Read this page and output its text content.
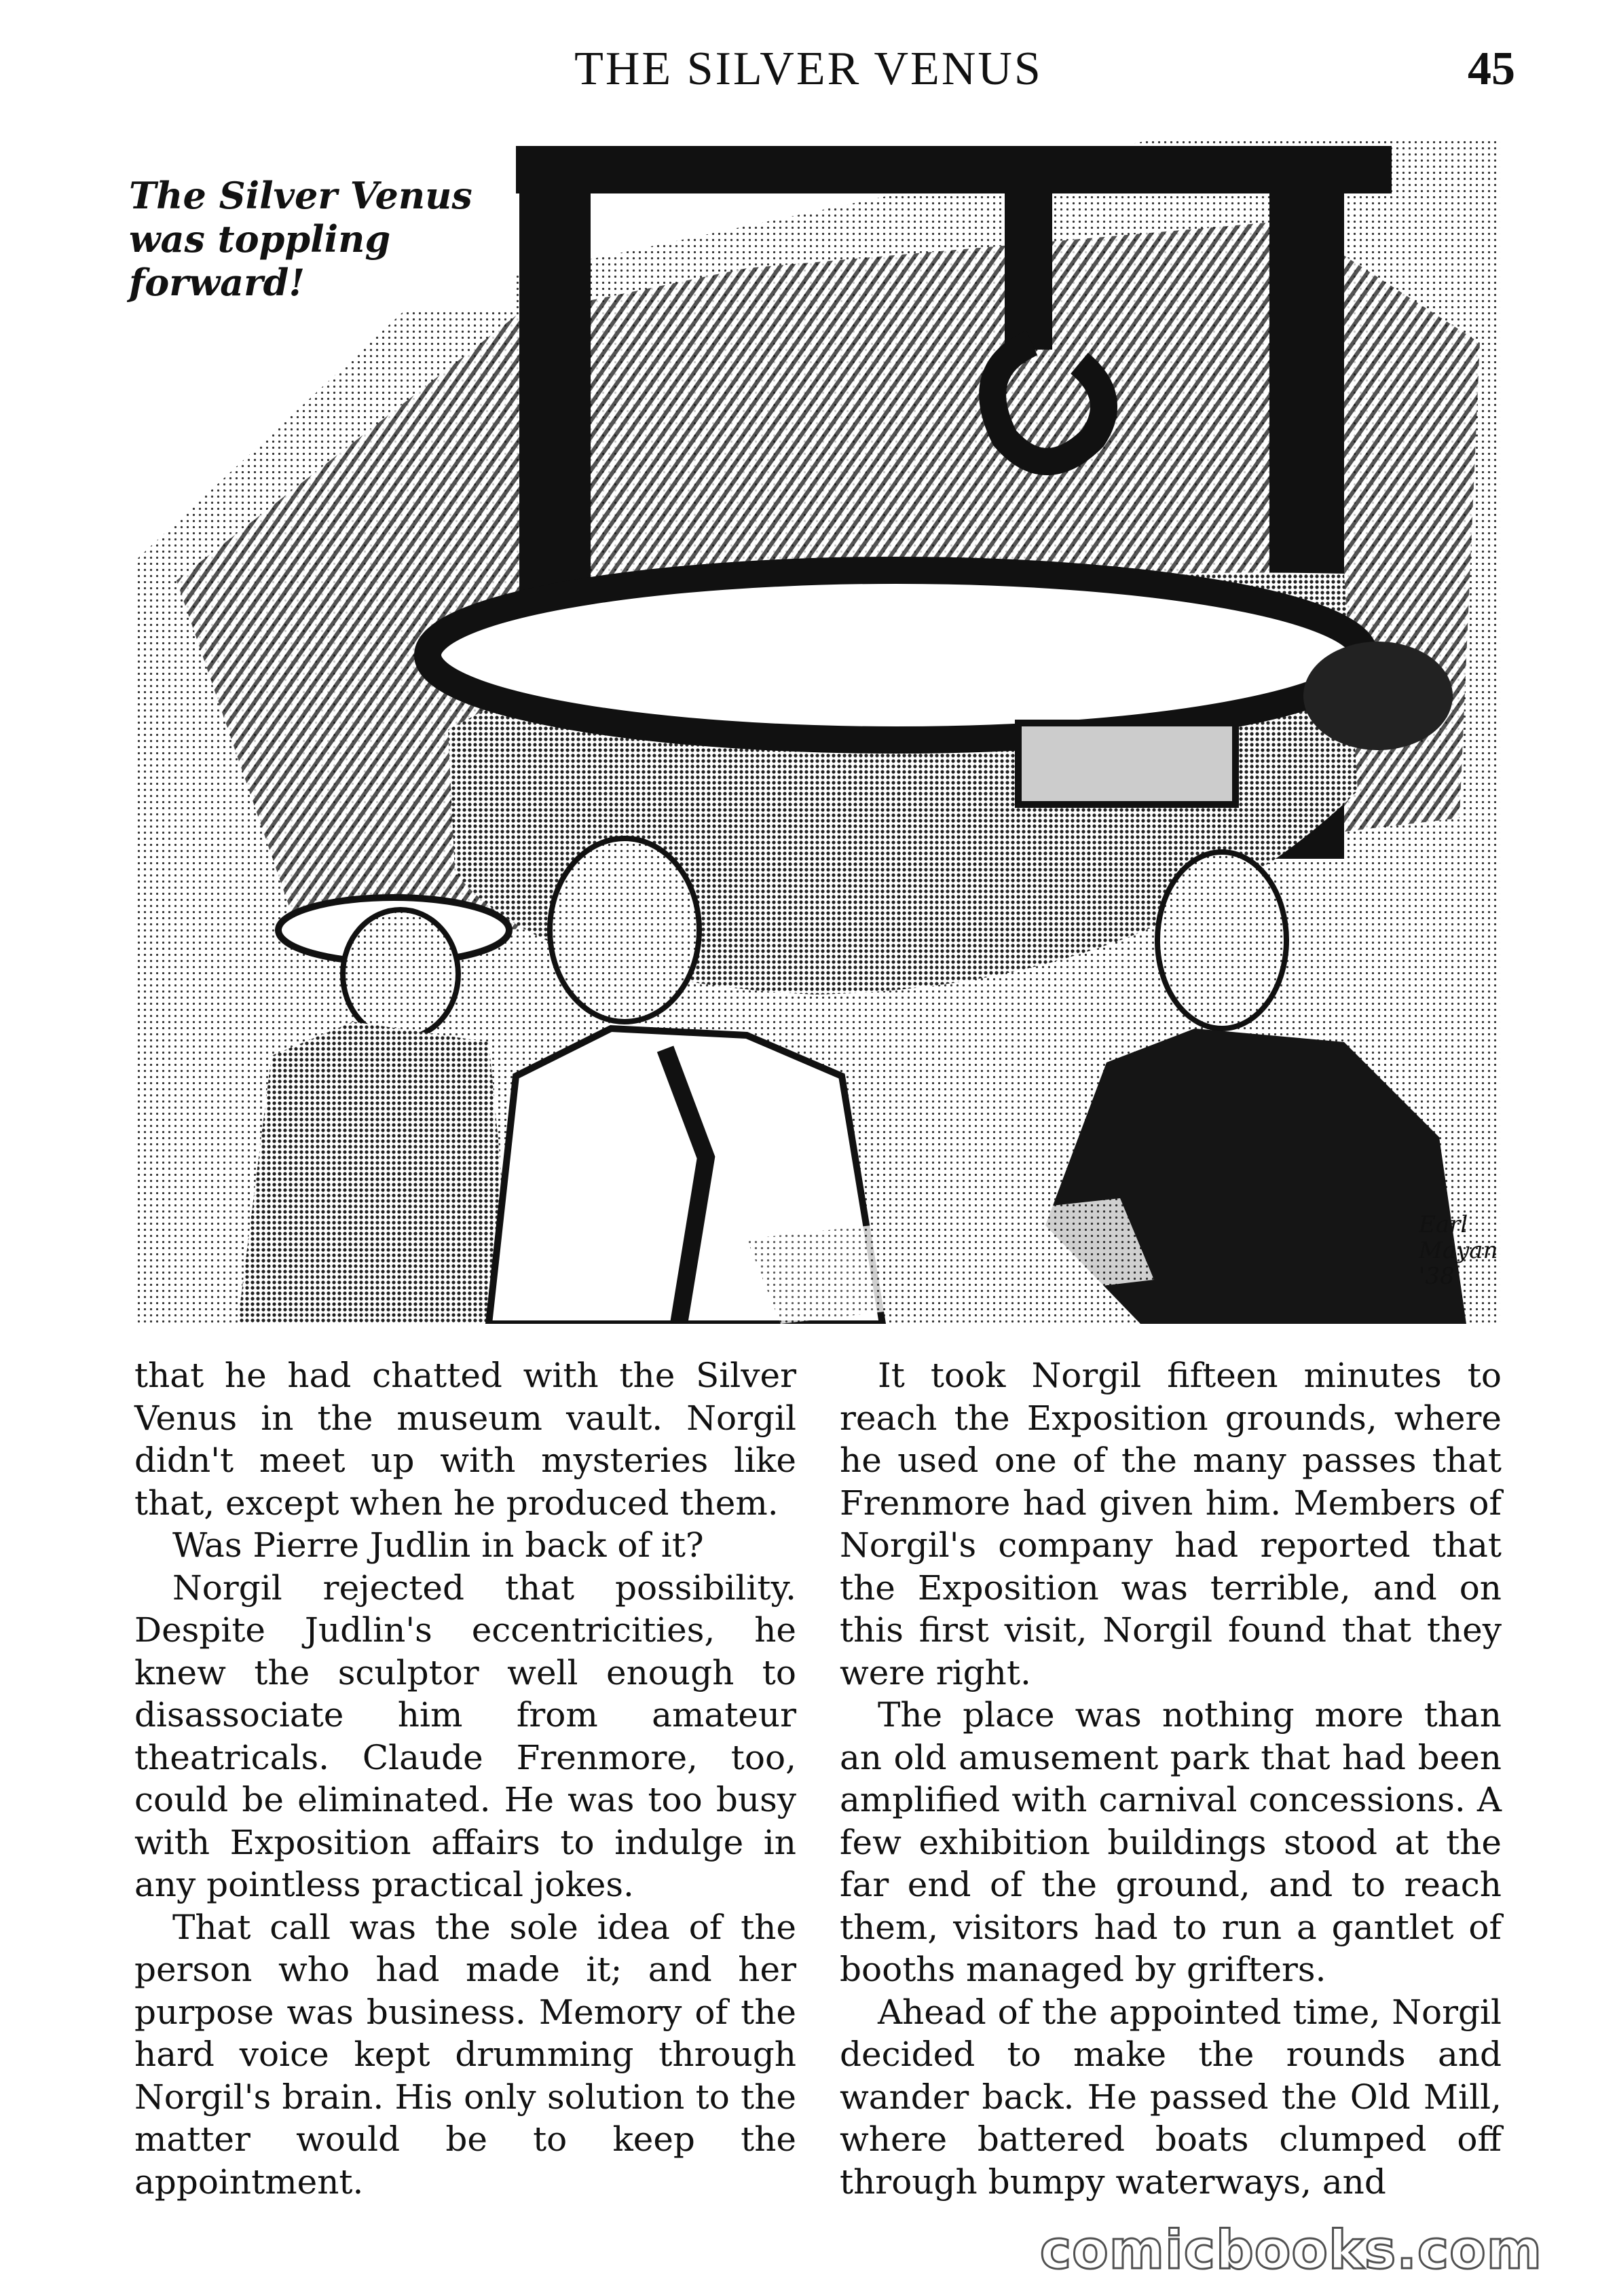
THE SILVER VENUS	45
The Silver Venus
was toppling
forward!
Earl
Mayan
'38

that he had chatted with the Silver Venus in the museum vault. Norgil didn't meet up with mysteries like that, except when he produced them.

Was Pierre Judlin in back of it?

Norgil rejected that possibility. Despite Judlin's eccentricities, he knew the sculptor well enough to disassociate him from amateur theatricals. Claude Frenmore, too, could be eliminated. He was too busy with Exposition affairs to indulge in any pointless practical jokes.

That call was the sole idea of the person who had made it; and her purpose was business. Memory of the hard voice kept drumming through Norgil's brain. His only solution to the matter would be to keep the appointment.

It took Norgil fifteen minutes to reach the Exposition grounds, where he used one of the many passes that Frenmore had given him. Members of Norgil's company had reported that the Exposition was terrible, and on this first visit, Norgil found that they were right.

The place was nothing more than an old amusement park that had been amplified with carnival concessions. A few exhibition buildings stood at the far end of the ground, and to reach them, visitors had to run a gantlet of booths managed by grifters.

Ahead of the appointed time, Norgil decided to make the rounds and wander back. He passed the Old Mill, where battered boats clumped off through bumpy waterways, and

comicbooks.com
